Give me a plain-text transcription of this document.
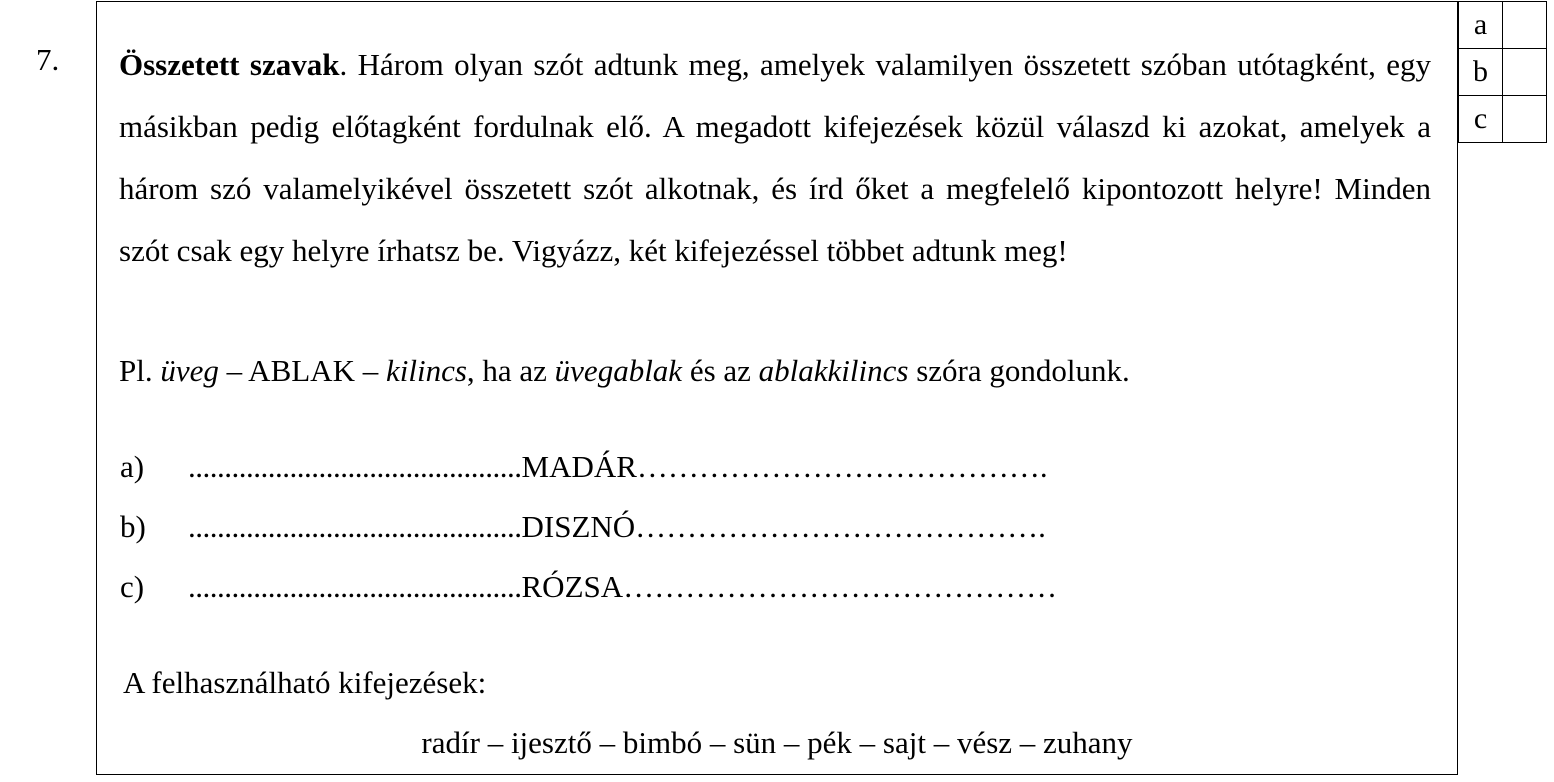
7. Összetett szavak. Három olyan szót adtunk meg, amelyek valamilyen összetett szóban utótagként, egy másikban pedig előtagként fordulnak elő. A megadott kifejezések közül válaszd ki azokat, amelyek a három szó valamelyikével összetett szót alkotnak, és írd őket a megfelelő kipontozott helyre! Minden szót csak egy helyre írhatsz be. Vigyázz, két kifejezéssel többet adtunk meg!
Pl. üveg – ABLAK – kilincs, ha az üvegablak és az ablakkilincs szóra gondolunk.
a) ..............................................MADÁR………………………………….
b) ..............................................DISZNÓ………………………………….
c) ..............................................RÓZSA……………………………………
A felhasználható kifejezések:
radír – ijesztő – bimbó – sün – pék – sajt – vész – zuhany
a	
b	
c	
